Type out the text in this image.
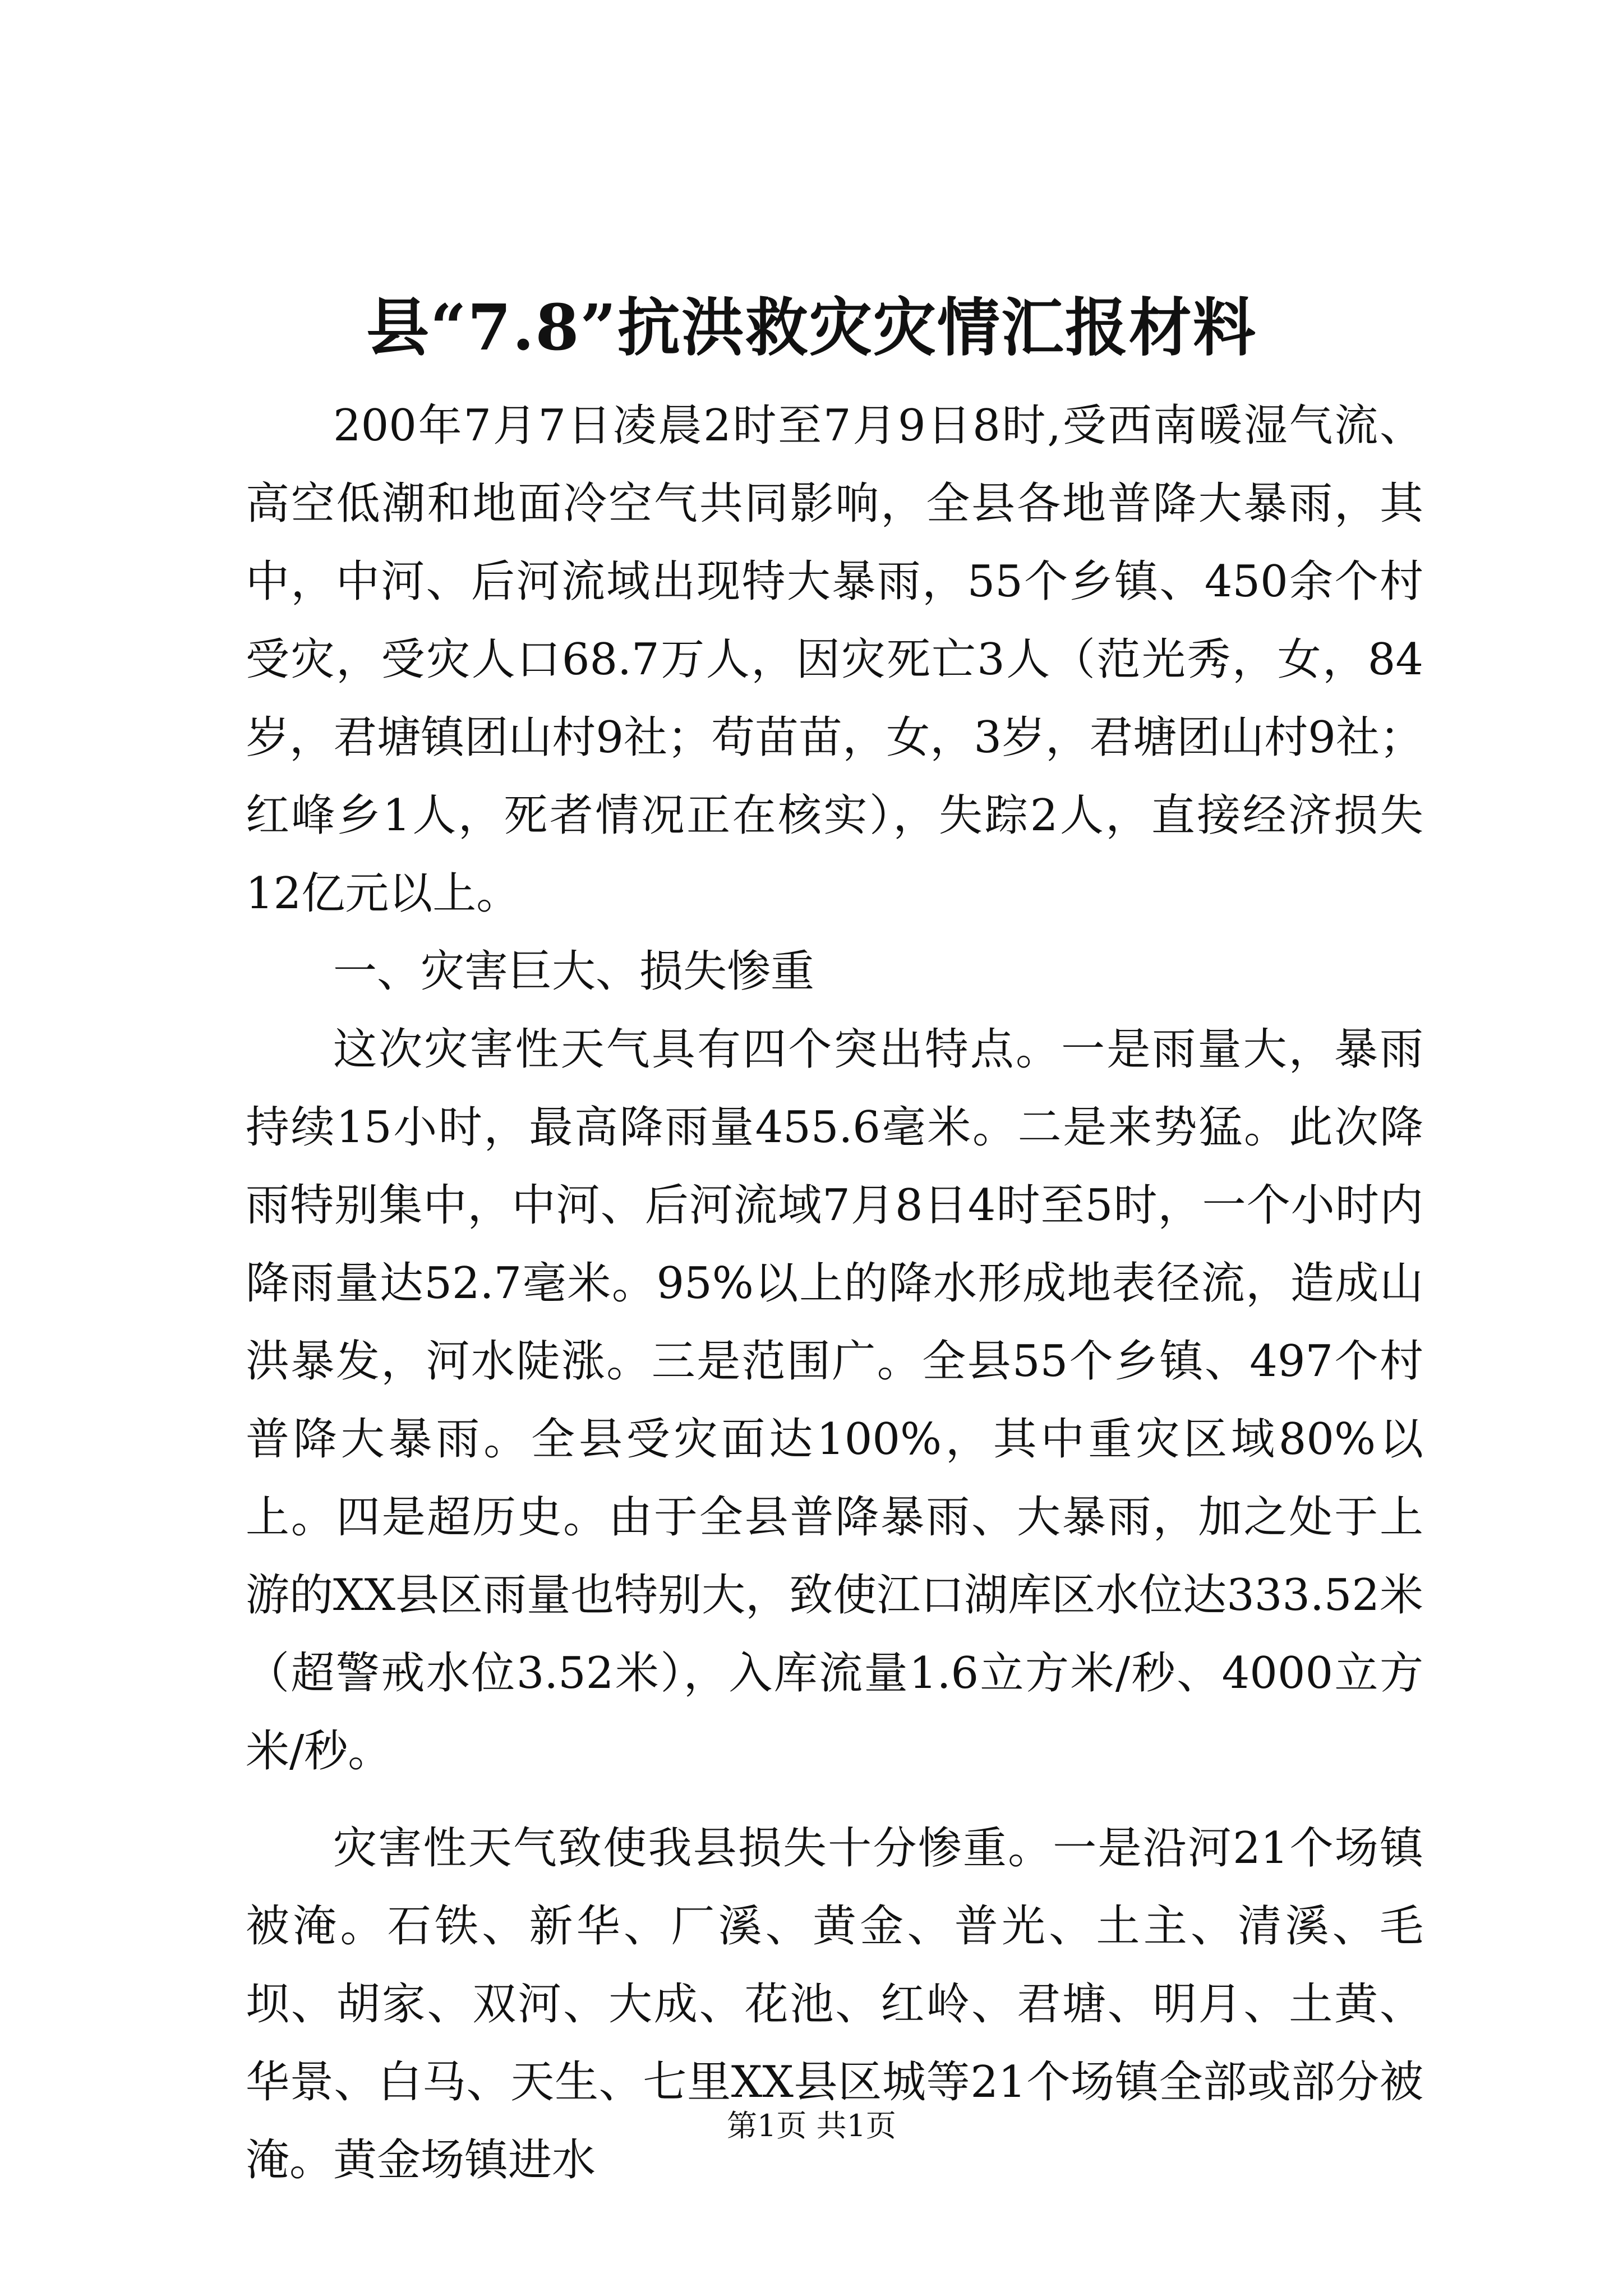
县“7.8”抗洪救灾灾情汇报材料

200年7月7日凌晨2时至7月9日8时,受西南暖湿气流、高空低潮和地面冷空气共同影响，全县各地普降大暴雨，其中，中河、后河流域出现特大暴雨，55个乡镇、450余个村受灾，受灾人口68.7万人，因灾死亡3人（范光秀，女，84岁，君塘镇团山村9社；苟苗苗，女，3岁，君塘团山村9社；红峰乡1人，死者情况正在核实），失踪2人，直接经济损失12亿元以上。

一、灾害巨大、损失惨重

这次灾害性天气具有四个突出特点。一是雨量大，暴雨持续15小时，最高降雨量455.6毫米。二是来势猛。此次降雨特别集中，中河、后河流域7月8日4时至5时，一个小时内降雨量达52.7毫米。95%以上的降水形成地表径流，造成山洪暴发，河水陡涨。三是范围广。全县55个乡镇、497个村普降大暴雨。全县受灾面达100%，其中重灾区域80%以上。四是超历史。由于全县普降暴雨、大暴雨，加之处于上游的XX县区雨量也特别大，致使江口湖库区水位达333.52米（超警戒水位3.52米），入库流量1.6立方米/秒、4000立方米/秒。

灾害性天气致使我县损失十分惨重。一是沿河21个场镇被淹。石铁、新华、厂溪、黄金、普光、土主、清溪、毛坝、胡家、双河、大成、花池、红岭、君塘、明月、土黄、华景、白马、天生、七里XX县区城等21个场镇全部或部分被淹。黄金场镇进水

第1页 共1页
